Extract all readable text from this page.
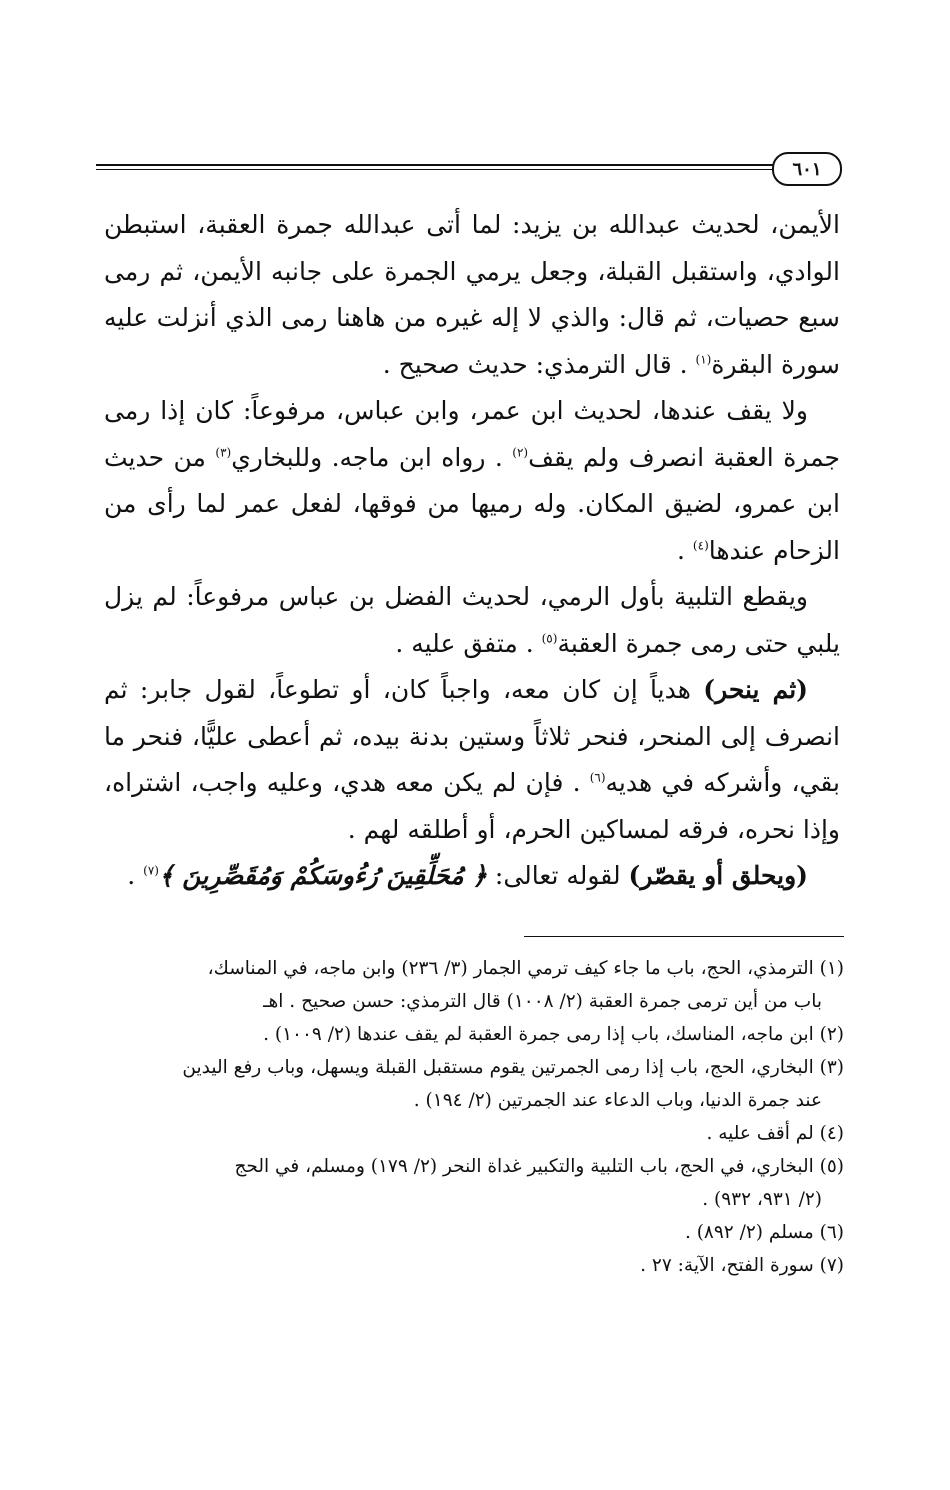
٦٠١

الأيمن، لحديث عبدالله بن يزيد: لما أتى عبدالله جمرة العقبة، استبطن الوادي، واستقبل القبلة، وجعل يرمي الجمرة على جانبه الأيمن، ثم رمى سبع حصيات، ثم قال: والذي لا إله غيره من هاهنا رمى الذي أنزلت عليه سورة البقرة$^{(١)}$ . قال الترمذي: حديث صحيح .

ولا يقف عندها، لحديث ابن عمر، وابن عباس، مرفوعاً: كان إذا رمى جمرة العقبة انصرف ولم يقف$^{(٢)}$ . رواه ابن ماجه. وللبخاري$^{(٣)}$ من حديث ابن عمرو، لضيق المكان. وله رميها من فوقها، لفعل عمر لما رأى من الزحام عندها$^{(٤)}$ .

ويقطع التلبية بأول الرمي، لحديث الفضل بن عباس مرفوعاً: لم يزل يلبي حتى رمى جمرة العقبة$^{(٥)}$ . متفق عليه .

(ثم ينحر) هدياً إن كان معه، واجباً كان، أو تطوعاً، لقول جابر: ثم انصرف إلى المنحر، فنحر ثلاثاً وستين بدنة بيده، ثم أعطى عليًّا، فنحر ما بقي، وأشركه في هديه$^{(٦)}$ . فإن لم يكن معه هدي، وعليه واجب، اشتراه، وإذا نحره، فرقه لمساكين الحرم، أو أطلقه لهم .

(ويحلق أو يقصّر) لقوله تعالى: ﴿ مُحَلِّقِينَ رُءُوسَكُمْ وَمُقَصِّرِينَ ﴾$^{(٧)}$ .

(١) الترمذي، الحج، باب ما جاء كيف ترمي الجمار (٣/ ٢٣٦) وابن ماجه، في المناسك،

باب من أين ترمى جمرة العقبة (٢/ ١٠٠٨) قال الترمذي: حسن صحيح . اهـ

(٢) ابن ماجه، المناسك، باب إذا رمى جمرة العقبة لم يقف عندها (٢/ ١٠٠٩) .

(٣) البخاري، الحج، باب إذا رمى الجمرتين يقوم مستقبل القبلة ويسهل، وباب رفع اليدين

عند جمرة الدنيا، وباب الدعاء عند الجمرتين (٢/ ١٩٤) .

(٤) لم أقف عليه .

(٥) البخاري، في الحج، باب التلبية والتكبير غداة النحر (٢/ ١٧٩) ومسلم، في الحج

(٢/ ٩٣١، ٩٣٢) .

(٦) مسلم (٢/ ٨٩٢) .

(٧) سورة الفتح، الآية: ٢٧ .
